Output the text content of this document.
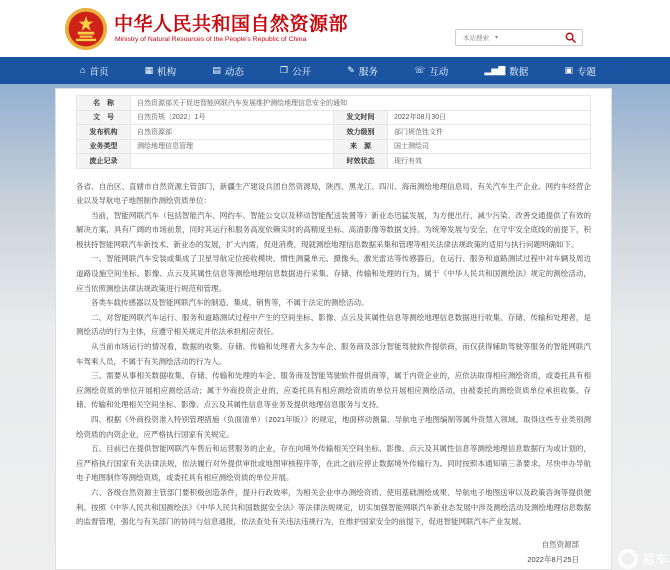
中华人民共和国自然资源部
Ministry of Natural Resources of the People's Republic of China	本站搜索 ▾
⌂ 首页	▦ 机构	▤ 动态	❐ 公开	✎ 服务	☏ 互动	▂▅▇ 数据	▣ 专题
名　称	自然资源部关于促进智能网联汽车发展维护测绘地理信息安全的通知		
文　号	自然资规〔2022〕1号	发文时间	2022年08月30日
发布机构	自然资源部	效力级别	部门规范性文件
业务类型	测绘地理信息管理	来　源	国土测绘司
废止记录		时效状态	现行有效

各省、自治区、直辖市自然资源主管部门，新疆生产建设兵团自然资源局，陕西、黑龙江、四川、海南测绘地理信息局，有关汽车生产企业、网约车经营企业以及导航电子地图制作测绘资质单位：

当前，智能网联汽车（包括智能汽车、网约车、智能公交以及移动智能配送装置等）新业态迅猛发展，为方便出行、减少污染、改善交通提供了有效的解决方案，具有广阔的市场前景，同时其运行和服务高度依赖实时的高精度坐标、高清影像等数据支持。为统筹发展与安全，在守牢安全底线的前提下，积极扶持智能网联汽车新技术、新业态的发展，扩大内需，促进消费，现就测绘地理信息数据采集和管理等相关法律法规政策的适用与执行问题明确如下。

一、智能网联汽车安装或集成了卫星导航定位接收模块、惯性测量单元、摄像头、激光雷达等传感器后，在运行、服务和道路测试过程中对车辆及周边道路设施空间坐标、影像、点云及其属性信息等测绘地理信息数据进行采集、存储、传输和处理的行为，属于《中华人民共和国测绘法》规定的测绘活动，应当依照测绘法律法规政策进行规范和管理。

各类车载传感器以及智能网联汽车的制造、集成、销售等，不属于法定的测绘活动。

二、对智能网联汽车运行、服务和道路测试过程中产生的空间坐标、影像、点云及其属性信息等测绘地理信息数据进行收集、存储、传输和处理者，是测绘活动的行为主体，应遵守相关规定并依法承担相应责任。

从当前市场运行的情况看，数据的收集、存储、传输和处理者大多为车企、服务商及部分智能驾驶软件提供商，而仅获得辅助驾驶等服务的智能网联汽车驾乘人员，不属于有关测绘活动的行为人。

三、需要从事相关数据收集、存储、传输和处理的车企、服务商及智能驾驶软件提供商等，属于内资企业的，应依法取得相应测绘资质，或委托具有相应测绘资质的单位开展相应测绘活动；属于外商投资企业的，应委托具有相应测绘资质的单位开展相应测绘活动，由被委托的测绘资质单位承担收集、存储、传输和处理相关空间坐标、影像、点云及其属性信息等业务及提供地理信息服务与支持。

四、根据《外商投资准入特别管理措施（负面清单）（2021年版）》的规定，地面移动测量、导航电子地图编制等属外资禁入领域。取得这些专业类别测绘资质的内资企业，应严格执行国家有关规定。

五、目前已在提供智能网联汽车售后和运营服务的企业，存在向境外传输相关空间坐标、影像、点云及其属性信息等测绘地理信息数据行为或计划的，应严格执行国家有关法律法规，依法履行对外提供审批或地图审核程序等，在此之前应停止数据境外传输行为。同时按照本通知第三条要求，尽快申办导航电子地图制作等测绘资质，或委托具有相应测绘资质的单位开展。

六、各级自然资源主管部门要积极创造条件，提升行政效率，为相关企业申办测绘资质、使用基础测绘成果、导航电子地图送审以及政策咨询等提供便利。按照《中华人民共和国测绘法》《中华人民共和国数据安全法》等法律法规规定，切实加强智能网联汽车新业态发展中涉及测绘活动及测绘地理信息数据的监督管理，强化与有关部门的协同与信息通报，依法查处有关违法违规行为，在维护国家安全的前提下，促进智能网联汽车产业发展。

自然资源部
2022年8月25日	易车
